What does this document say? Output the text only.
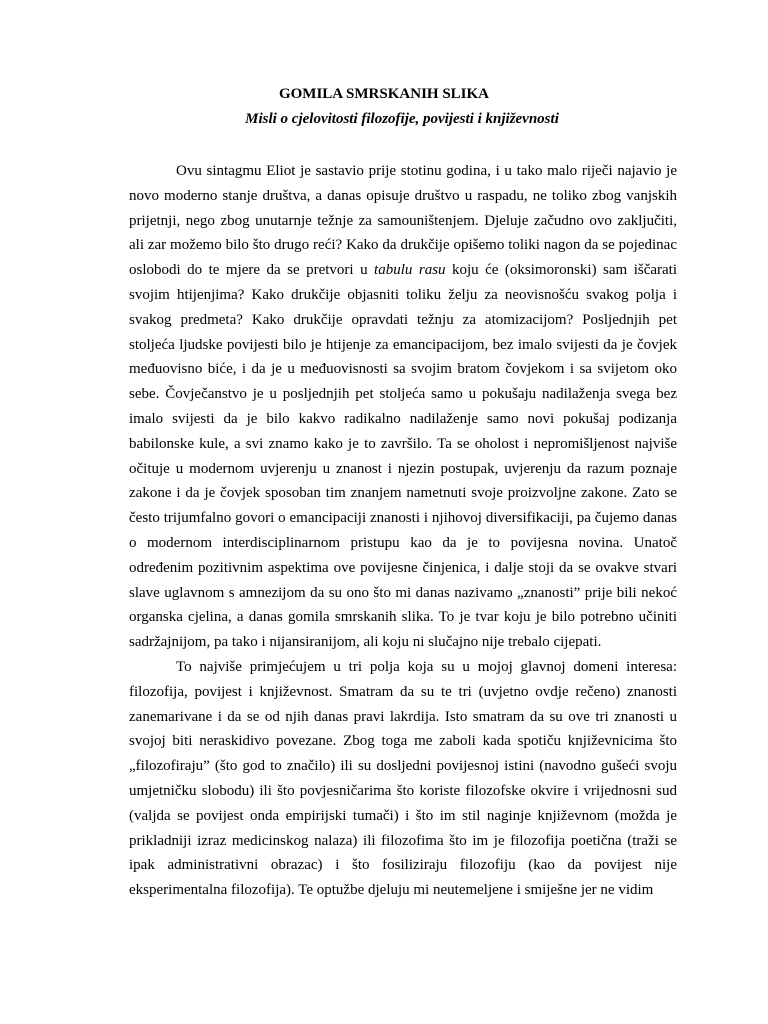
GOMILA SMRSKANIH SLIKA
Misli o cjelovitosti filozofije, povijesti i književnosti

Ovu sintagmu Eliot je sastavio prije stotinu godina, i u tako malo riječi najavio je novo moderno stanje društva, a danas opisuje društvo u raspadu, ne toliko zbog vanjskih prijetnji, nego zbog unutarnje težnje za samouništenjem. Djeluje začudno ovo zaključiti, ali zar možemo bilo što drugo reći? Kako da drukčije opišemo toliki nagon da se pojedinac oslobodi do te mjere da se pretvori u tabulu rasu koju će (oksimoronski) sam iščarati svojim htijenjima? Kako drukčije objasniti toliku želju za neovisnošću svakog polja i svakog predmeta? Kako drukčije opravdati težnju za atomizacijom? Posljednjih pet stoljeća ljudske povijesti bilo je htijenje za emancipacijom, bez imalo svijesti da je čovjek međuovisno biće, i da je u međuovisnosti sa svojim bratom čovjekom i sa svijetom oko sebe. Čovječanstvo je u posljednjih pet stoljeća samo u pokušaju nadilaženja svega bez imalo svijesti da je bilo kakvo radikalno nadilaženje samo novi pokušaj podizanja babilonske kule, a svi znamo kako je to završilo. Ta se oholost i nepromišljenost najviše očituje u modernom uvjerenju u znanost i njezin postupak, uvjerenju da razum poznaje zakone i da je čovjek sposoban tim znanjem nametnuti svoje proizvoljne zakone. Zato se često trijumfalno govori o emancipaciji znanosti i njihovoj diversifikaciji, pa čujemo danas o modernom interdisciplinarnom pristupu kao da je to povijesna novina. Unatoč određenim pozitivnim aspektima ove povijesne činjenica, i dalje stoji da se ovakve stvari slave uglavnom s amnezijom da su ono što mi danas nazivamo „znanosti” prije bili nekoć organska cjelina, a danas gomila smrskanih slika. To je tvar koju je bilo potrebno učiniti sadržajnijom, pa tako i nijansiranijom, ali koju ni slučajno nije trebalo cijepati.

To najviše primjećujem u tri polja koja su u mojoj glavnoj domeni interesa: filozofija, povijest i književnost. Smatram da su te tri (uvjetno ovdje rečeno) znanosti zanemarivane i da se od njih danas pravi lakrdija. Isto smatram da su ove tri znanosti u svojoj biti neraskidivo povezane. Zbog toga me zaboli kada spotiču književnicima što „filozofiraju” (što god to značilo) ili su dosljedni povijesnoj istini (navodno gušeći svoju umjetničku slobodu) ili što povjesničarima što koriste filozofske okvire i vrijednosni sud (valjda se povijest onda empirijski tumači) i što im stil naginje književnom (možda je prikladniji izraz medicinskog nalaza) ili filozofima što im je filozofija poetična (traži se ipak administrativni obrazac) i što fosiliziraju filozofiju (kao da povijest nije eksperimentalna filozofija). Te optužbe djeluju mi neutemeljene i smiješne jer ne vidim
